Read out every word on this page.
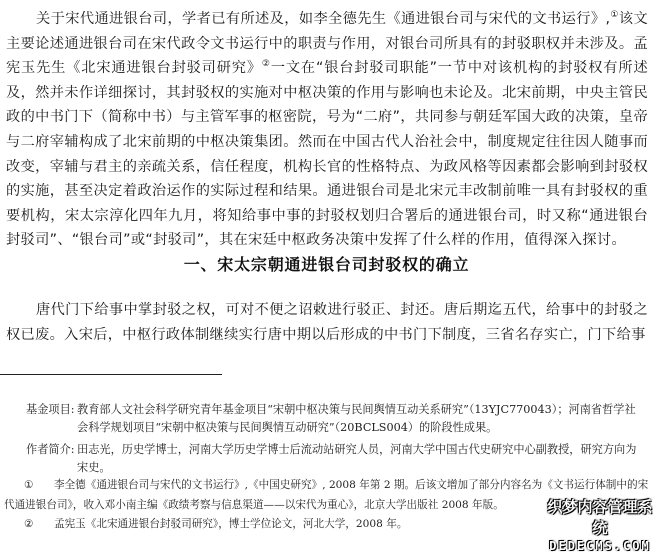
关于宋代通进银台司，学者已有所述及，如李全德先生《通进银台司与宋代的文书运行》,①该文主要论述通进银台司在宋代政令文书运行中的职责与作用，对银台司所具有的封驳职权并未涉及。孟宪玉先生《北宋通进银台封驳司研究》②一文在“银台封驳司职能”一节中对该机构的封驳权有所述及，然并未作详细探讨，其封驳权的实施对中枢决策的作用与影响也未论及。北宋前期，中央主管民政的中书门下（简称中书）与主管军事的枢密院，号为“二府”，共同参与朝廷军国大政的决策，皇帝与二府宰辅构成了北宋前期的中枢决策集团。然而在中国古代人治社会中，制度规定往往因人随事而改变，宰辅与君主的亲疏关系，信任程度，机构长官的性格特点、为政风格等因素都会影响到封驳权的实施，甚至决定着政治运作的实际过程和结果。通进银台司是北宋元丰改制前唯一具有封驳权的重要机构，宋太宗淳化四年九月，将知给事中事的封驳权划归合署后的通进银台司，时又称“通进银台封驳司”、“银台司”或“封驳司”，其在宋廷中枢政务决策中发挥了什么样的作用，值得深入探讨。
一、宋太宗朝通进银台司封驳权的确立
唐代门下给事中掌封驳之权，可对不便之诏敕进行驳正、封还。唐后期迄五代，给事中的封驳之权已废。入宋后，中枢行政体制继续实行唐中期以后形成的中书门下制度，三省名存实亡，门下给事
基金项目: 教育部人文社会科学研究青年基金项目“宋朝中枢决策与民间舆情互动关系研究”（13YJC770043）；河南省哲学社会科学规划项目“宋朝中枢决策与民间舆情互动研究”（20BCLS004）的阶段性成果。
作者简介: 田志光，历史学博士，河南大学历史学博士后流动站研究人员，河南大学中国古代史研究中心副教授，研究方向为宋史。
① 李全德《通进银台司与宋代的文书运行》,《中国史研究》, 2008 年第 2 期。后该文增加了部分内容名为《文书运行体制中的宋代通进银台司》，收入邓小南主编《政绩考察与信息渠道——以宋代为重心》，北京大学出版社 2008 年版。
② 孟宪玉《北宋通进银台封驳司研究》，博士学位论文，河北大学，2008 年。
织梦内容管理系统
DEDECMS.COM
